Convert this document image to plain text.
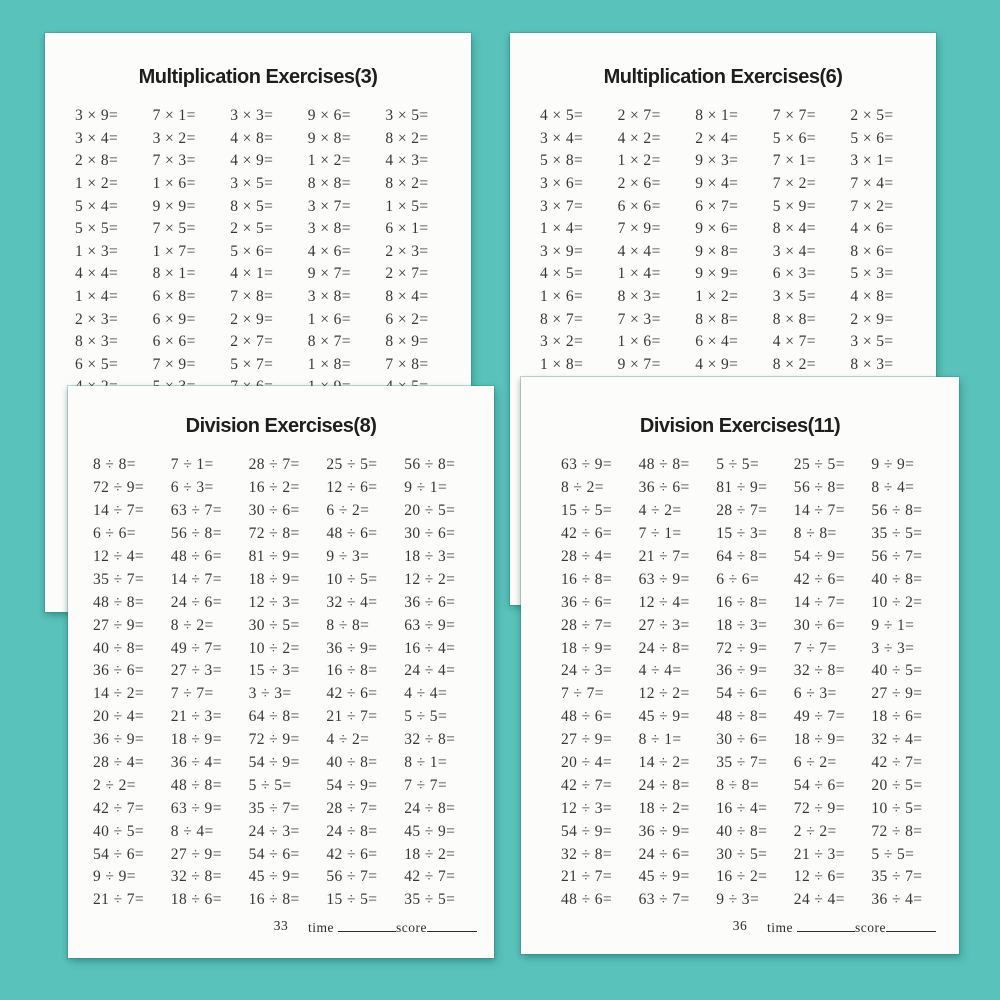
Multiplication Exercises(3)
3 × 9=	7 × 1=	3 × 3=	9 × 6=	3 × 5=
3 × 4=	3 × 2=	4 × 8=	9 × 8=	8 × 2=
2 × 8=	7 × 3=	4 × 9=	1 × 2=	4 × 3=
1 × 2=	1 × 6=	3 × 5=	8 × 8=	8 × 2=
5 × 4=	9 × 9=	8 × 5=	3 × 7=	1 × 5=
5 × 5=	7 × 5=	2 × 5=	3 × 8=	6 × 1=
1 × 3=	1 × 7=	5 × 6=	4 × 6=	2 × 3=
4 × 4=	8 × 1=	4 × 1=	9 × 7=	2 × 7=
1 × 4=	6 × 8=	7 × 8=	3 × 8=	8 × 4=
2 × 3=	6 × 9=	2 × 9=	1 × 6=	6 × 2=
8 × 3=	6 × 6=	2 × 7=	8 × 7=	8 × 9=
6 × 5=	7 × 9=	5 × 7=	1 × 8=	7 × 8=
Multiplication Exercises(6)
4 × 5=	2 × 7=	8 × 1=	7 × 7=	2 × 5=
3 × 4=	4 × 2=	2 × 4=	5 × 6=	5 × 6=
5 × 8=	1 × 2=	9 × 3=	7 × 1=	3 × 1=
3 × 6=	2 × 6=	9 × 4=	7 × 2=	7 × 4=
3 × 7=	6 × 6=	6 × 7=	5 × 9=	7 × 2=
1 × 4=	7 × 9=	9 × 6=	8 × 4=	4 × 6=
3 × 9=	4 × 4=	9 × 8=	3 × 4=	8 × 6=
4 × 5=	1 × 4=	9 × 9=	6 × 3=	5 × 3=
1 × 6=	8 × 3=	1 × 2=	3 × 5=	4 × 8=
8 × 7=	7 × 3=	8 × 8=	8 × 8=	2 × 9=
3 × 2=	1 × 6=	6 × 4=	4 × 7=	3 × 5=
1 × 8=	9 × 7=	4 × 9=	8 × 2=	8 × 3=
Division Exercises(8)
8 ÷ 8=	7 ÷ 1=	28 ÷ 7=	25 ÷ 5=	56 ÷ 8=
72 ÷ 9=	6 ÷ 3=	16 ÷ 2=	12 ÷ 6=	9 ÷ 1=
14 ÷ 7=	63 ÷ 7=	30 ÷ 6=	6 ÷ 2=	20 ÷ 5=
6 ÷ 6=	56 ÷ 8=	72 ÷ 8=	48 ÷ 6=	30 ÷ 6=
12 ÷ 4=	48 ÷ 6=	81 ÷ 9=	9 ÷ 3=	18 ÷ 3=
35 ÷ 7=	14 ÷ 7=	18 ÷ 9=	10 ÷ 5=	12 ÷ 2=
48 ÷ 8=	24 ÷ 6=	12 ÷ 3=	32 ÷ 4=	36 ÷ 6=
27 ÷ 9=	8 ÷ 2=	30 ÷ 5=	8 ÷ 8=	63 ÷ 9=
40 ÷ 8=	49 ÷ 7=	10 ÷ 2=	36 ÷ 9=	16 ÷ 4=
36 ÷ 6=	27 ÷ 3=	15 ÷ 3=	16 ÷ 8=	24 ÷ 4=
14 ÷ 2=	7 ÷ 7=	3 ÷ 3=	42 ÷ 6=	4 ÷ 4=
20 ÷ 4=	21 ÷ 3=	64 ÷ 8=	21 ÷ 7=	5 ÷ 5=
36 ÷ 9=	18 ÷ 9=	72 ÷ 9=	4 ÷ 2=	32 ÷ 8=
28 ÷ 4=	36 ÷ 4=	54 ÷ 9=	40 ÷ 8=	8 ÷ 1=
2 ÷ 2=	48 ÷ 8=	5 ÷ 5=	54 ÷ 9=	7 ÷ 7=
42 ÷ 7=	63 ÷ 9=	35 ÷ 7=	28 ÷ 7=	24 ÷ 8=
40 ÷ 5=	8 ÷ 4=	24 ÷ 3=	24 ÷ 8=	45 ÷ 9=
54 ÷ 6=	27 ÷ 9=	54 ÷ 6=	42 ÷ 6=	18 ÷ 2=
9 ÷ 9=	32 ÷ 8=	45 ÷ 9=	56 ÷ 7=	42 ÷ 7=
21 ÷ 7=	18 ÷ 6=	16 ÷ 8=	15 ÷ 5=	35 ÷ 5=
33 time	score
Division Exercises(11)
63 ÷ 9=	48 ÷ 8=	5 ÷ 5=	25 ÷ 5=	9 ÷ 9=
8 ÷ 2=	36 ÷ 6=	81 ÷ 9=	56 ÷ 8=	8 ÷ 4=
15 ÷ 5=	4 ÷ 2=	28 ÷ 7=	14 ÷ 7=	56 ÷ 8=
42 ÷ 6=	7 ÷ 1=	15 ÷ 3=	8 ÷ 8=	35 ÷ 5=
28 ÷ 4=	21 ÷ 7=	64 ÷ 8=	54 ÷ 9=	56 ÷ 7=
16 ÷ 8=	63 ÷ 9=	6 ÷ 6=	42 ÷ 6=	40 ÷ 8=
36 ÷ 6=	12 ÷ 4=	16 ÷ 8=	14 ÷ 7=	10 ÷ 2=
28 ÷ 7=	27 ÷ 3=	18 ÷ 3=	30 ÷ 6=	9 ÷ 1=
18 ÷ 9=	24 ÷ 8=	72 ÷ 9=	7 ÷ 7=	3 ÷ 3=
24 ÷ 3=	4 ÷ 4=	36 ÷ 9=	32 ÷ 8=	40 ÷ 5=
7 ÷ 7=	12 ÷ 2=	54 ÷ 6=	6 ÷ 3=	27 ÷ 9=
48 ÷ 6=	45 ÷ 9=	48 ÷ 8=	49 ÷ 7=	18 ÷ 6=
27 ÷ 9=	8 ÷ 1=	30 ÷ 6=	18 ÷ 9=	32 ÷ 4=
20 ÷ 4=	14 ÷ 2=	35 ÷ 7=	6 ÷ 2=	42 ÷ 7=
42 ÷ 7=	24 ÷ 8=	8 ÷ 8=	54 ÷ 6=	20 ÷ 5=
12 ÷ 3=	18 ÷ 2=	16 ÷ 4=	72 ÷ 9=	10 ÷ 5=
54 ÷ 9=	36 ÷ 9=	40 ÷ 8=	2 ÷ 2=	72 ÷ 8=
32 ÷ 8=	24 ÷ 6=	30 ÷ 5=	21 ÷ 3=	5 ÷ 5=
21 ÷ 7=	45 ÷ 9=	16 ÷ 2=	12 ÷ 6=	35 ÷ 7=
48 ÷ 6=	63 ÷ 7=	9 ÷ 3=	24 ÷ 4=	36 ÷ 4=
36 time	score
